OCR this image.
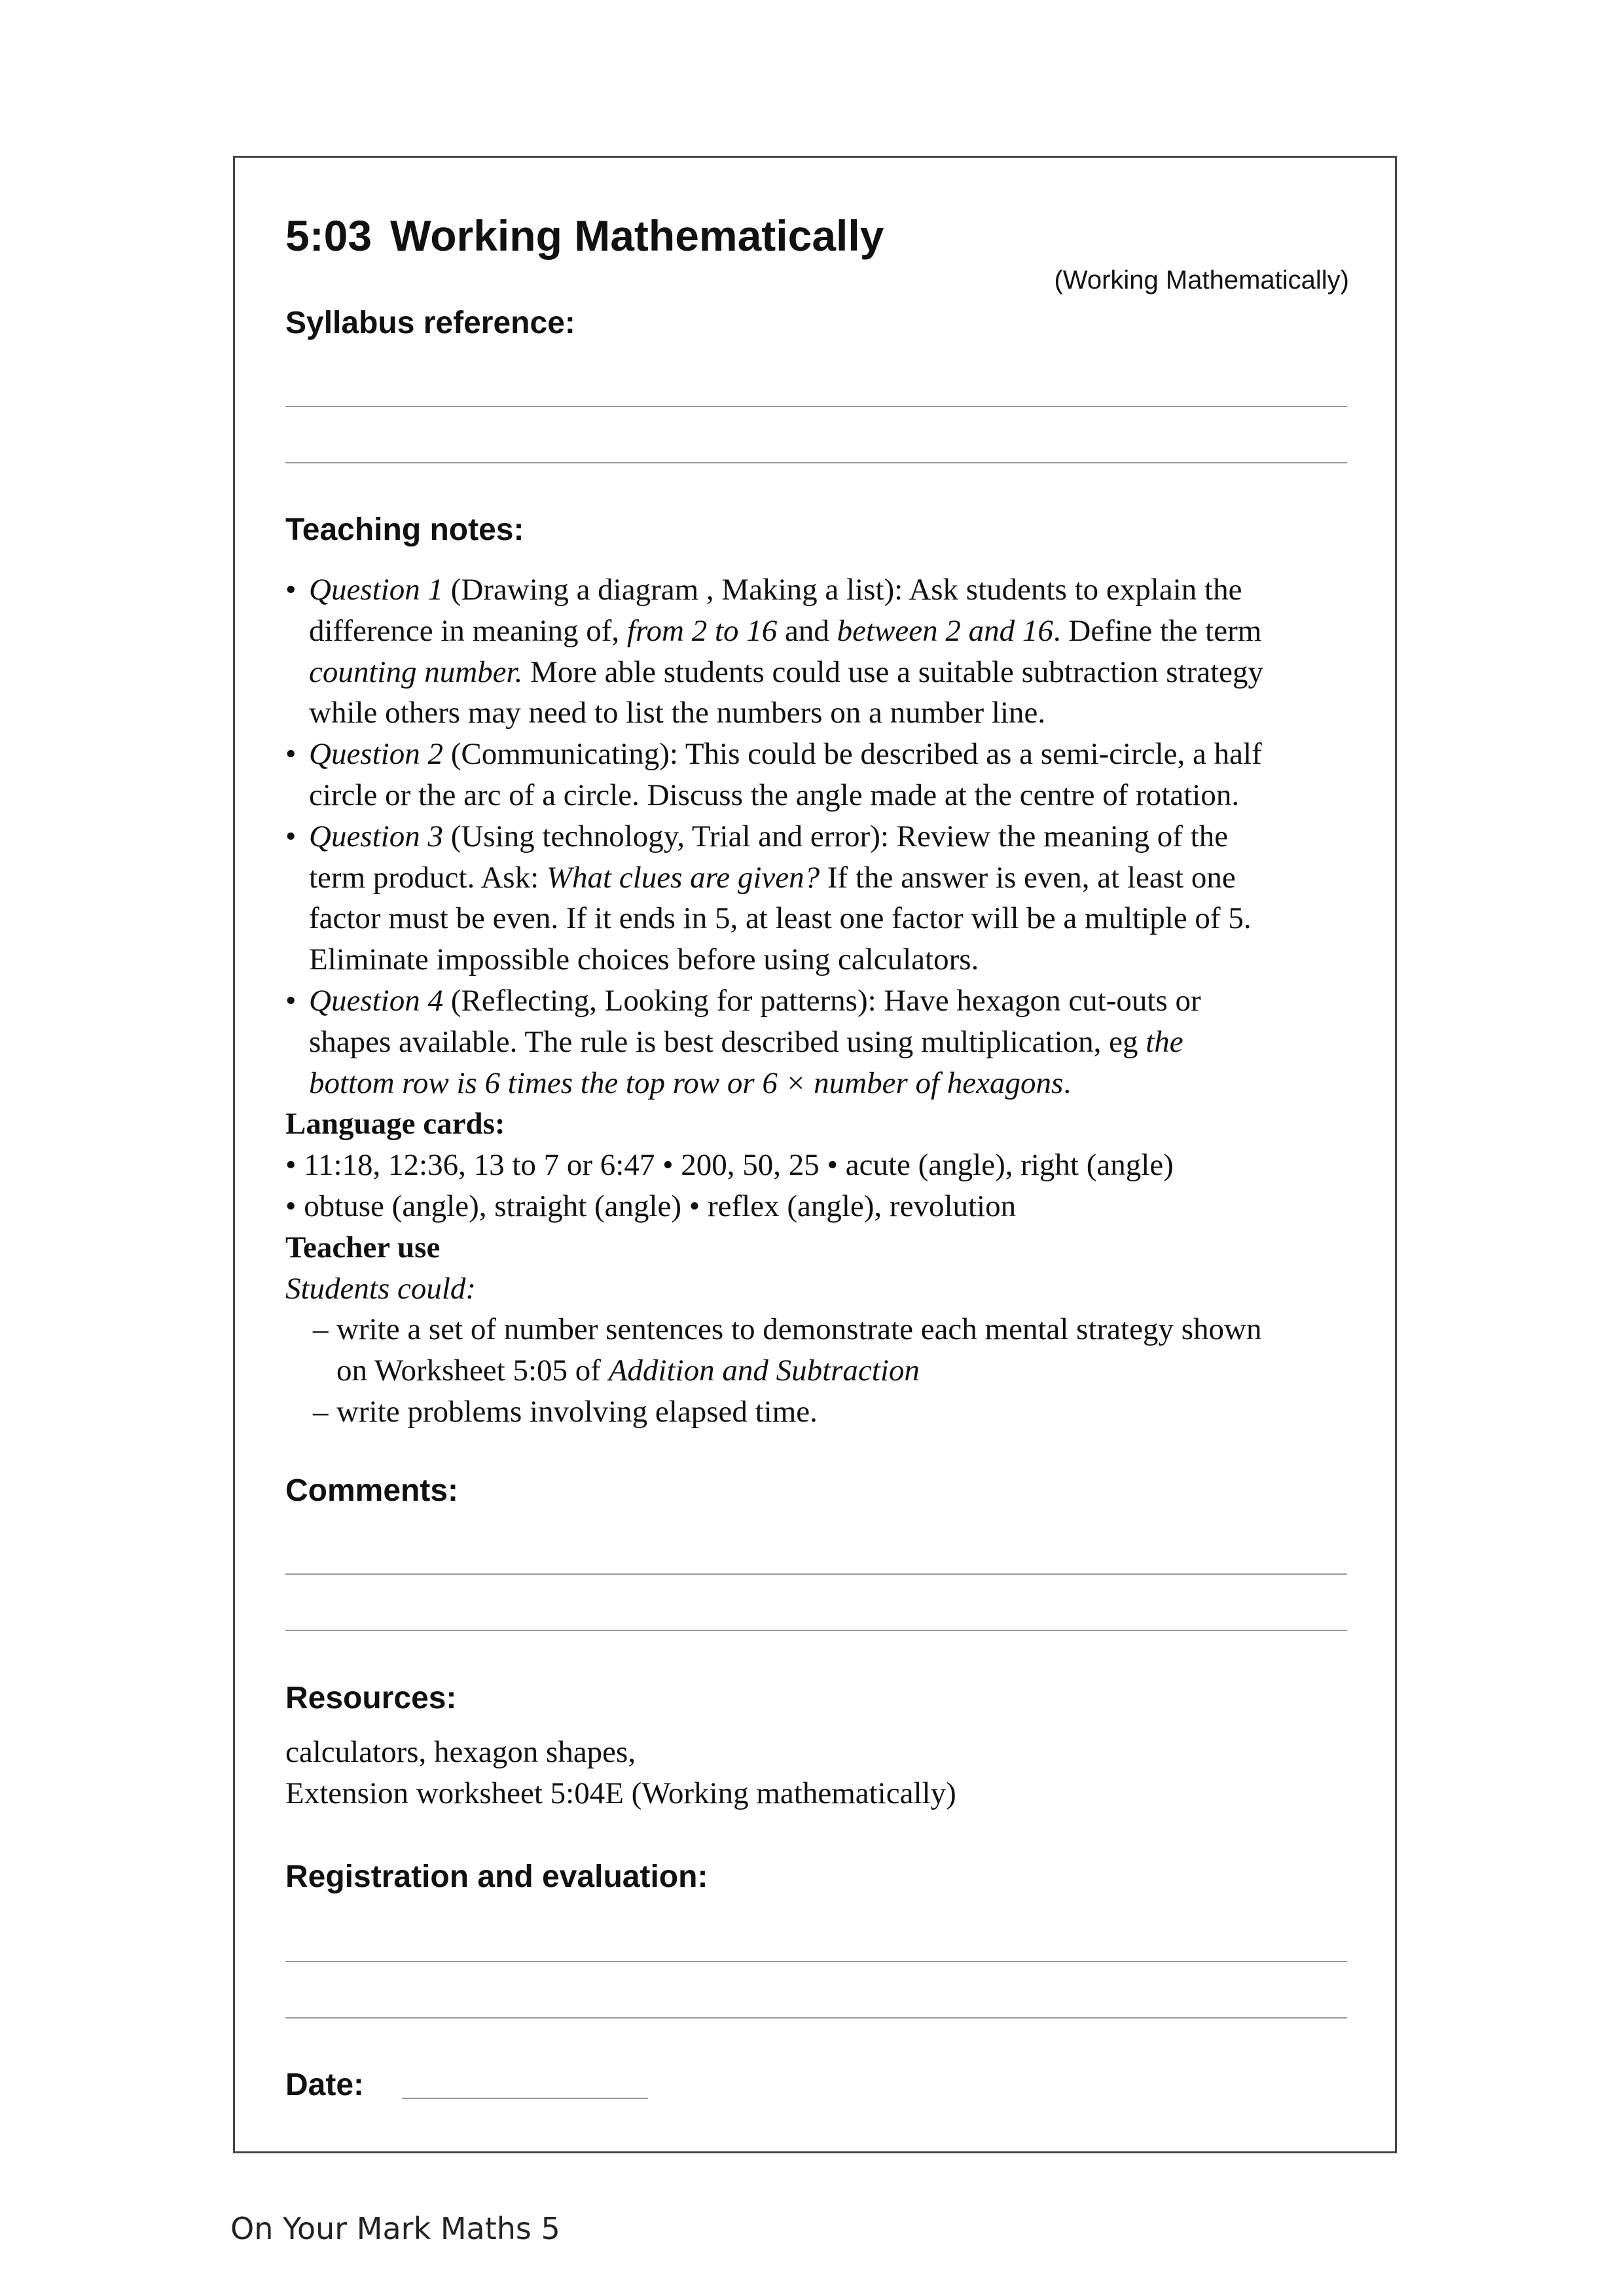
5:03 Working Mathematically

(Working Mathematically)

Syllabus reference:

Teaching notes:

• Question 1 (Drawing a diagram , Making a list): Ask students to explain the
difference in meaning of, from 2 to 16 and between 2 and 16. Define the term
counting number. More able students could use a suitable subtraction strategy
while others may need to list the numbers on a number line.
• Question 2 (Communicating): This could be described as a semi-circle, a half
circle or the arc of a circle. Discuss the angle made at the centre of rotation.
• Question 3 (Using technology, Trial and error): Review the meaning of the
term product. Ask: What clues are given? If the answer is even, at least one
factor must be even. If it ends in 5, at least one factor will be a multiple of 5.
Eliminate impossible choices before using calculators.
• Question 4 (Reflecting, Looking for patterns): Have hexagon cut-outs or
shapes available. The rule is best described using multiplication, eg the
bottom row is 6 times the top row or 6 × number of hexagons.
Language cards:
• 11:18, 12:36, 13 to 7 or 6:47 • 200, 50, 25 • acute (angle), right (angle)
• obtuse (angle), straight (angle) • reflex (angle), revolution
Teacher use
Students could:
– write a set of number sentences to demonstrate each mental strategy shown
on Worksheet 5:05 of Addition and Subtraction
– write problems involving elapsed time.

Comments:

Resources:

calculators, hexagon shapes,
Extension worksheet 5:04E (Working mathematically)

Registration and evaluation:

Date:

On Your Mark Maths 5
